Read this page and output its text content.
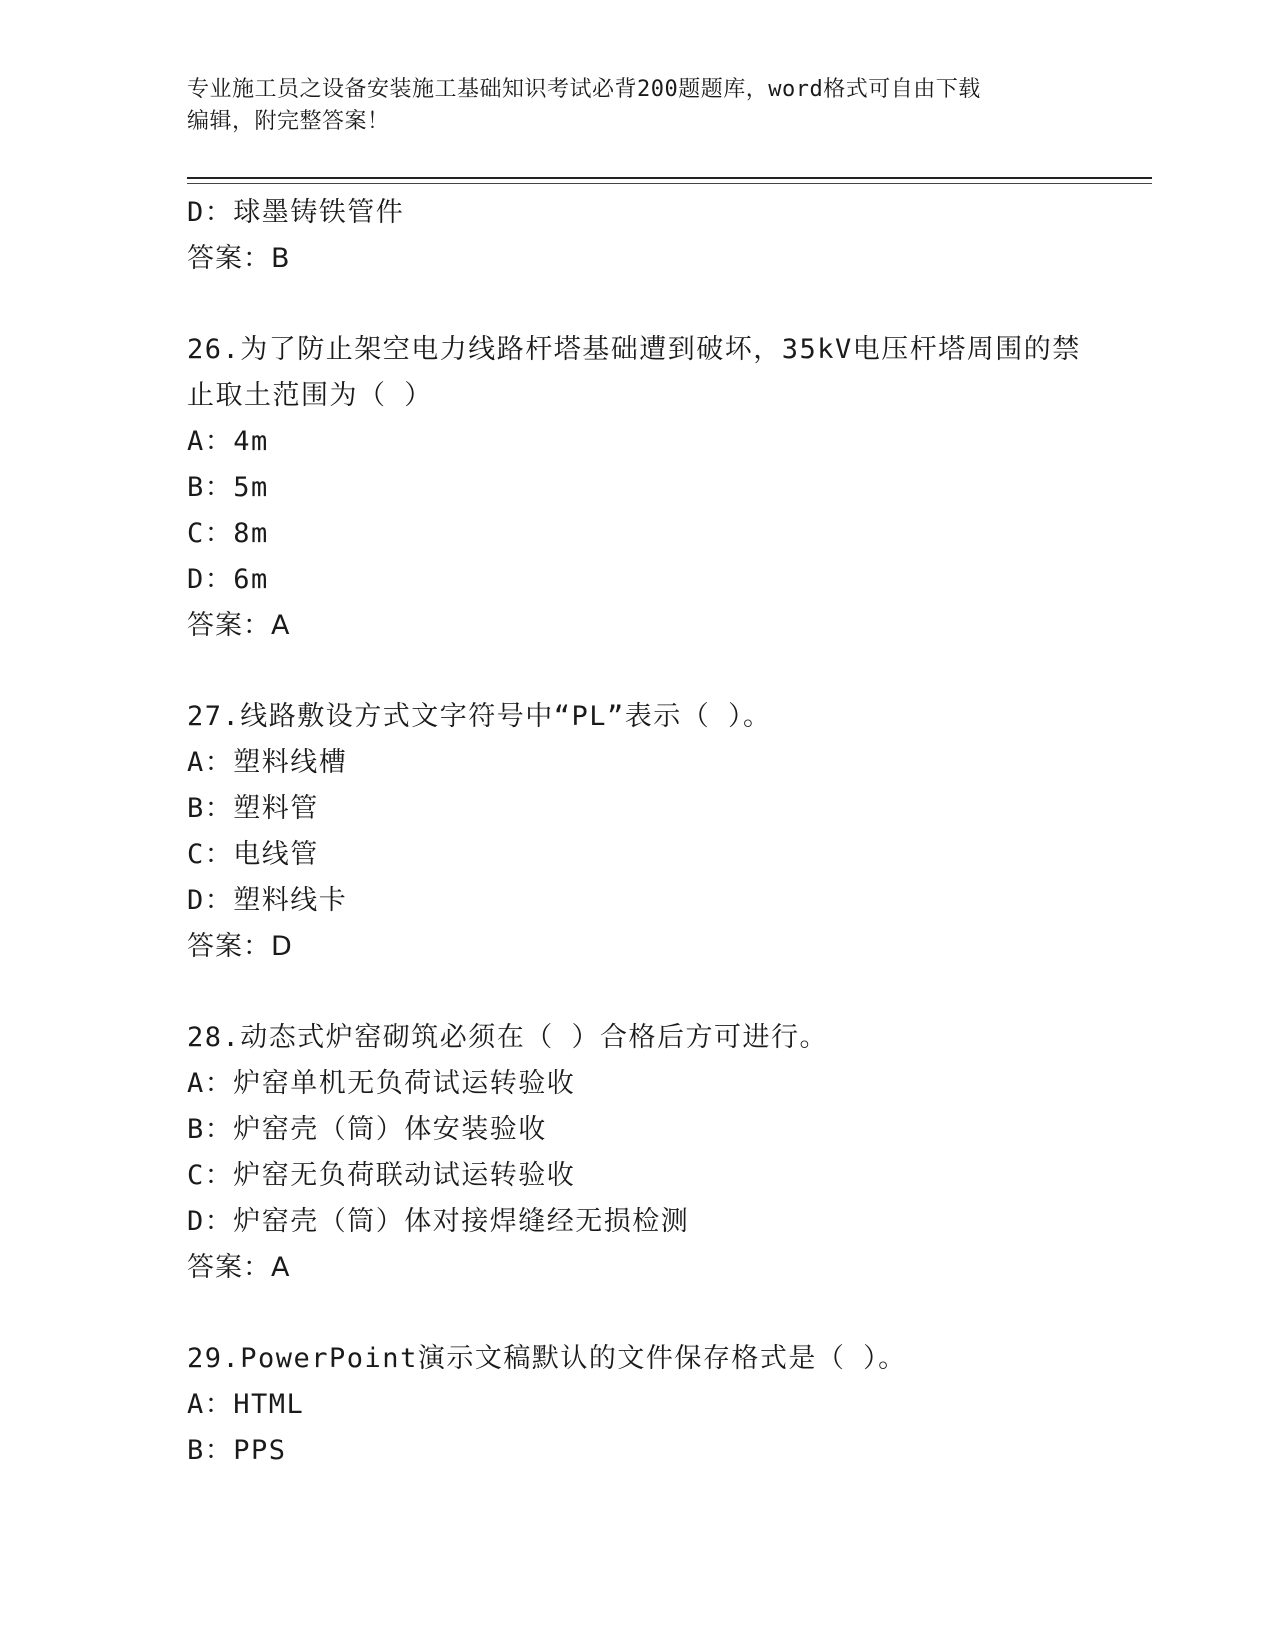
专业施工员之设备安装施工基础知识考试必背200题题库，word格式可自由下载
编辑，附完整答案！
D：球墨铸铁管件
答案：B
26.为了防止架空电力线路杆塔基础遭到破坏，35kV电压杆塔周围的禁
止取土范围为（ ）
A：4m
B：5m
C：8m
D：6m
答案：A
27.线路敷设方式文字符号中“PL”表示（ ）。
A：塑料线槽
B：塑料管
C：电线管
D：塑料线卡
答案：D
28.动态式炉窑砌筑必须在（ ）合格后方可进行。
A：炉窑单机无负荷试运转验收
B：炉窑壳（筒）体安装验收
C：炉窑无负荷联动试运转验收
D：炉窑壳（筒）体对接焊缝经无损检测
答案：A
29.PowerPoint演示文稿默认的文件保存格式是（ ）。
A：HTML
B：PPS
